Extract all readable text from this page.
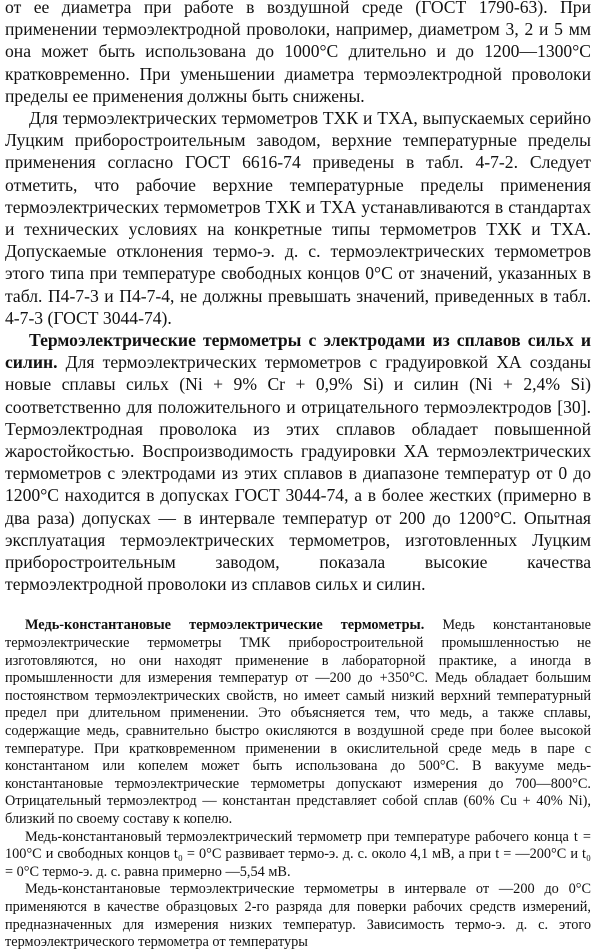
от ее диаметра при работе в воздушной среде (ГОСТ 1790-63). При применении термоэлектродной проволоки, например, диаметром 3, 2 и 5 мм она может быть использована до 1000°С длительно и до 1200—1300°С кратковременно. При уменьшении диаметра термоэлектродной проволоки пределы ее применения должны быть снижены.

Для термоэлектрических термометров ТХК и ТХА, выпускаемых серийно Луцким приборостроительным заводом, верхние температурные пределы применения согласно ГОСТ 6616-74 приведены в табл. 4-7-2. Следует отметить, что рабочие верхние температурные пределы применения термоэлектрических термометров ТХК и ТХА устанавливаются в стандартах и технических условиях на конкретные типы термометров ТХК и ТХА. Допускаемые отклонения термо-э. д. с. термоэлектрических термометров этого типа при температуре свободных концов 0°С от значений, указанных в табл. П4-7-3 и П4-7-4, не должны превышать значений, приведенных в табл. 4-7-3 (ГОСТ 3044-74).

Термоэлектрические термометры с электродами из сплавов сильх и силин. Для термоэлектрических термометров с градуировкой ХА созданы новые сплавы сильх (Ni + 9% Cr + 0,9% Si) и силин (Ni + 2,4% Si) соответственно для положительного и отрицательного термоэлектродов [30]. Термоэлектродная проволока из этих сплавов обладает повышенной жаростойкостью. Воспроизводимость градуировки ХА термоэлектрических термометров с электродами из этих сплавов в диапазоне температур от 0 до 1200°С находится в допусках ГОСТ 3044-74, а в более жестких (примерно в два раза) допусках — в интервале температур от 200 до 1200°С. Опытная эксплуатация термоэлектрических термометров, изготовленных Луцким приборостроительным заводом, показала высокие качества термоэлектродной проволоки из сплавов сильх и силин.

Медь-константановые термоэлектрические термометры. Медь константановые термоэлектрические термометры ТМК приборостроительной промышленностью не изготовляются, но они находят применение в лабораторной практике, а иногда в промышленности для измерения температур от —200 до +350°С. Медь обладает большим постоянством термоэлектрических свойств, но имеет самый низкий верхний температурный предел при длительном применении. Это объясняется тем, что медь, а также сплавы, содержащие медь, сравнительно быстро окисляются в воздушной среде при более высокой температуре. При кратковременном применении в окислительной среде медь в паре с константаном или копелем может быть использована до 500°С. В вакууме медь-константановые термоэлектрические термометры допускают измерения до 700—800°С. Отрицательный термоэлектрод — константан представляет собой сплав (60% Cu + 40% Ni), близкий по своему составу к копелю.

Медь-константановый термоэлектрический термометр при температуре рабочего конца t = 100°С и свободных концов t₀ = 0°С развивает термо-э. д. с. около 4,1 мВ, а при t = —200°С и t₀ = 0°С термо-э. д. с. равна примерно —5,54 мВ.

Медь-константановые термоэлектрические термометры в интервале от —200 до 0°С применяются в качестве образцовых 2-го разряда для поверки рабочих средств измерений, предназначенных для измерения низких температур. Зависимость термо-э. д. с. этого термоэлектрического термометра от температуры
